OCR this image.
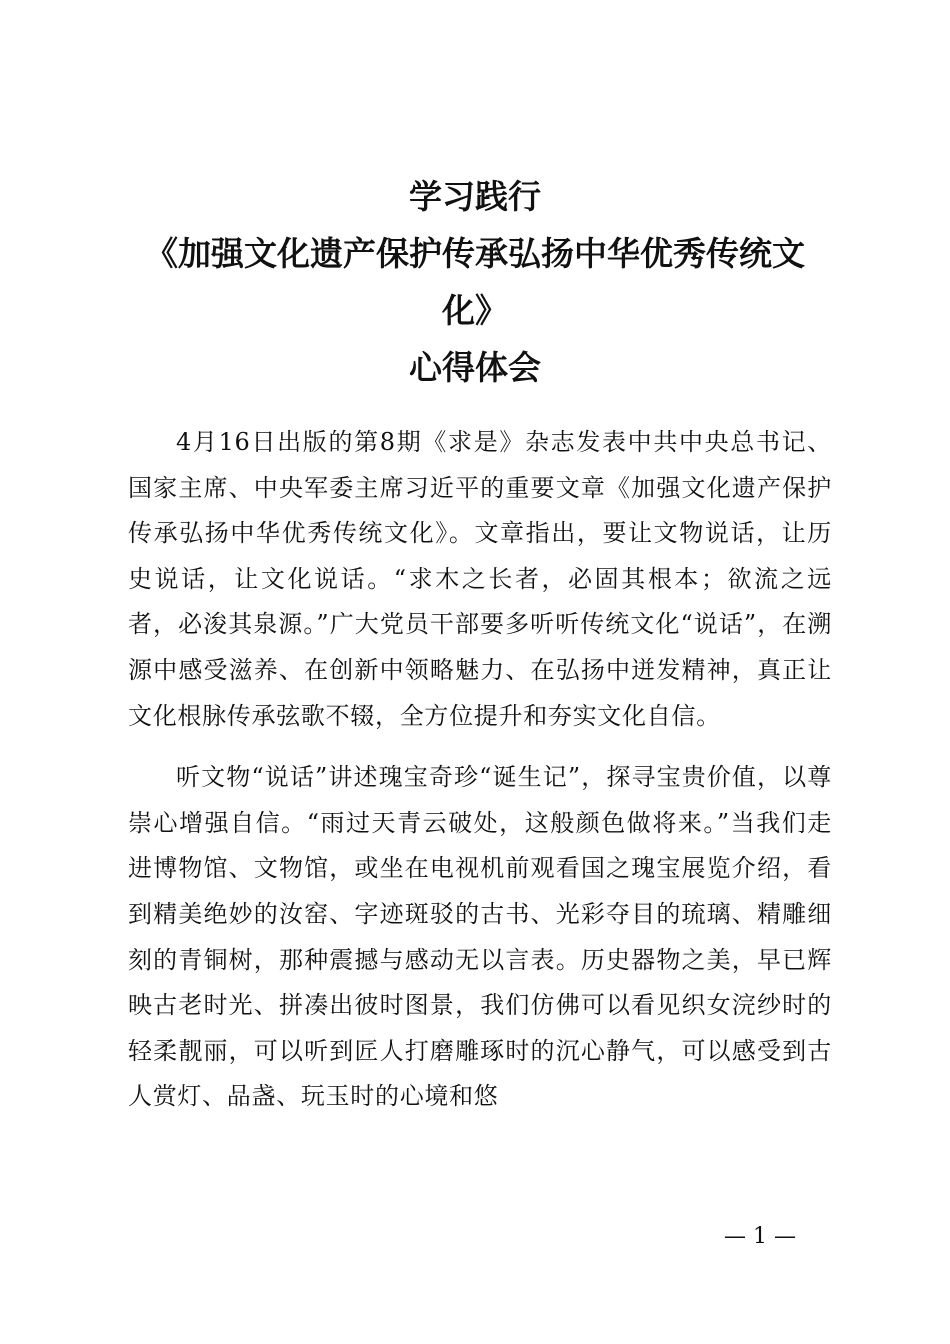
学习践行
《加强文化遗产保护传承弘扬中华优秀传统文
化》
心得体会

4月16日出版的第8期《求是》杂志发表中共中央总书记、国家主席、中央军委主席习近平的重要文章《加强文化遗产保护传承弘扬中华优秀传统文化》。文章指出，要让文物说话，让历史说话，让文化说话。“求木之长者，必固其根本；欲流之远者，必浚其泉源。”广大党员干部要多听听传统文化“说话”，在溯源中感受滋养、在创新中领略魅力、在弘扬中迸发精神，真正让文化根脉传承弦歌不辍，全方位提升和夯实文化自信。

听文物“说话”讲述瑰宝奇珍“诞生记”，探寻宝贵价值，以尊崇心增强自信。“雨过天青云破处，这般颜色做将来。”当我们走进博物馆、文物馆，或坐在电视机前观看国之瑰宝展览介绍，看到精美绝妙的汝窑、字迹斑驳的古书、光彩夺目的琉璃、精雕细刻的青铜树，那种震撼与感动无以言表。历史器物之美，早已辉映古老时光、拼凑出彼时图景，我们仿佛可以看见织女浣纱时的轻柔靓丽，可以听到匠人打磨雕琢时的沉心静气，可以感受到古人赏灯、品盏、玩玉时的心境和悠

— 1 —
